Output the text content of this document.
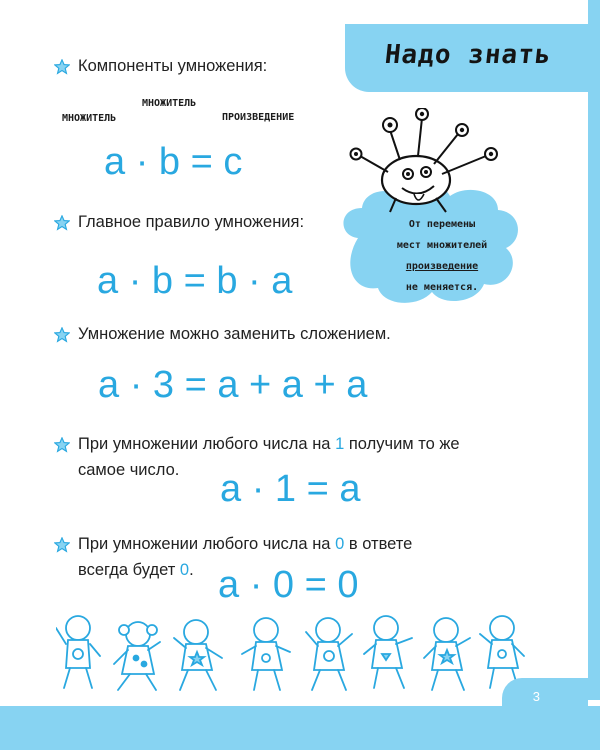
Надо знать
Компоненты умножения:
МНОЖИТЕЛЬ
МНОЖИТЕЛЬ
ПРОИЗВЕДЕНИЕ
a · b = c
Главное правило умножения:
a · b = b · a
От перемены
мест множителей
произведение
не меняется.
Умножение можно заменить сложением.
a · 3 = a + a + a
При умножении любого числа на 1 получим то же
самое число.	a · 1 = a
При умножении любого числа на 0 в ответе
всегда будет 0. a · 0 = 0
3
